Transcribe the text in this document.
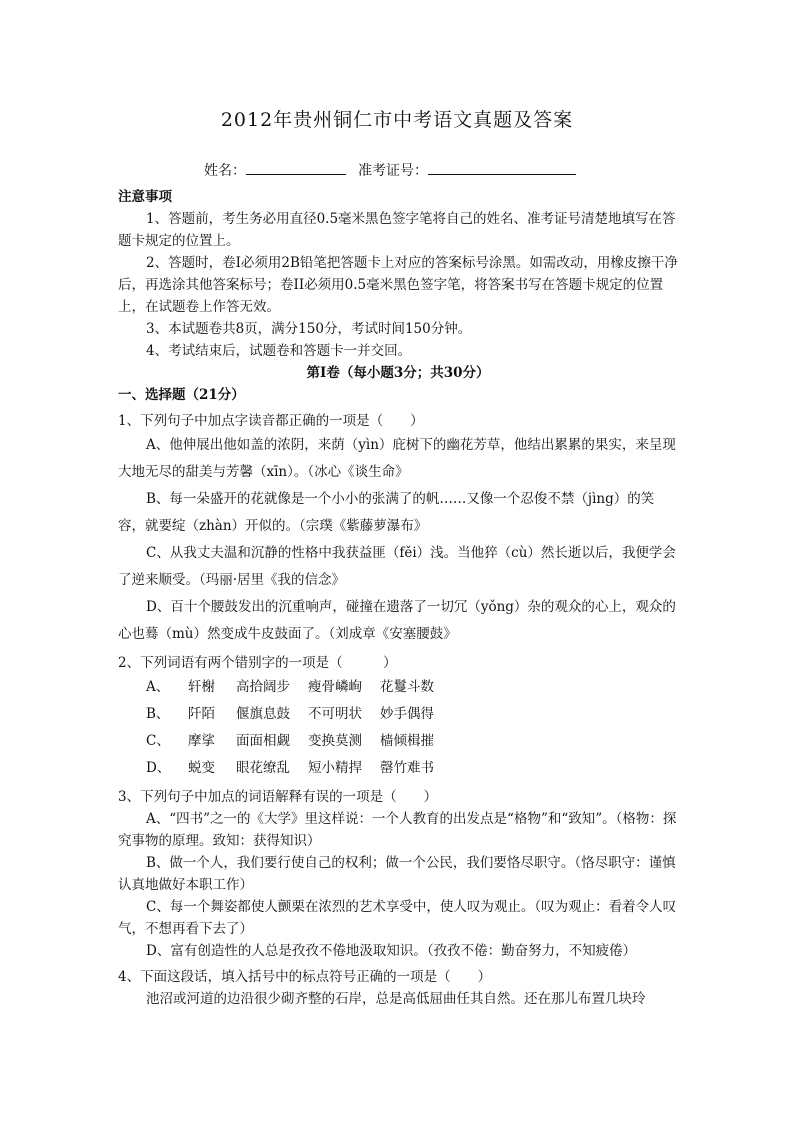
2012年贵州铜仁市中考语文真题及答案
姓名：	准考证号：
注意事项
1、答题前，考生务必用直径0.5毫米黑色签字笔将自己的姓名、准考证号清楚地填写在答题卡规定的位置上。
2、答题时，卷I必须用2B铅笔把答题卡上对应的答案标号涂黑。如需改动，用橡皮擦干净后，再选涂其他答案标号；卷II必须用0.5毫米黑色签字笔，将答案书写在答题卡规定的位置上，在试题卷上作答无效。
3、本试题卷共8页，满分150分，考试时间150分钟。
4、考试结束后，试题卷和答题卡一并交回。
第Ⅰ卷（每小题3分；共30分）
一、选择题（21分）
1、下列句子中加点字读音都正确的一项是（　　）
A、他伸展出他如盖的浓阴，来荫（yìn）庇树下的幽花芳草，他结出累累的果实，来呈现大地无尽的甜美与芳馨（xīn）。（冰心《谈生命》
B、每一朵盛开的花就像是一个小小的张满了的帆……又像一个忍俊不禁（jìng）的笑容，就要绽（zhàn）开似的。（宗璞《紫藤萝瀑布》
C、从我丈夫温和沉静的性格中我获益匪（fěi）浅。当他猝（cù）然长逝以后，我便学会了逆来顺受。（玛丽·居里《我的信念》
D、百十个腰鼓发出的沉重响声，碰撞在遗落了一切冗（yǒng）杂的观众的心上，观众的心也蓦（mù）然变成牛皮鼓面了。（刘成章《安塞腰鼓》
2、下列词语有两个错别字的一项是（　　　）
A、 轩榭 高拾阔步 瘦骨嶙峋 花鬘斗数
B、 阡陌 偃旗息鼓 不可明状 妙手偶得
C、 摩挲 面面相觑 变换莫测 樯倾楫摧
D、 蜕变 眼花缭乱 短小精捍 罄竹难书
3、下列句子中加点的词语解释有误的一项是（　　）
A、“四书”之一的《大学》里这样说：一个人教育的出发点是“格物”和“致知”。（格物：探究事物的原理。致知：获得知识）
B、做一个人，我们要行使自己的权利；做一个公民，我们要恪尽职守。（恪尽职守：谨慎认真地做好本职工作）
C、每一个舞姿都使人颤栗在浓烈的艺术享受中，使人叹为观止。（叹为观止：看着令人叹气，不想再看下去了）
D、富有创造性的人总是孜孜不倦地汲取知识。（孜孜不倦：勤奋努力，不知疲倦）
4、下面这段话，填入括号中的标点符号正确的一项是（　　）
池沼或河道的边沿很少砌齐整的石岸，总是高低屈曲任其自然。还在那儿布置几块玲
